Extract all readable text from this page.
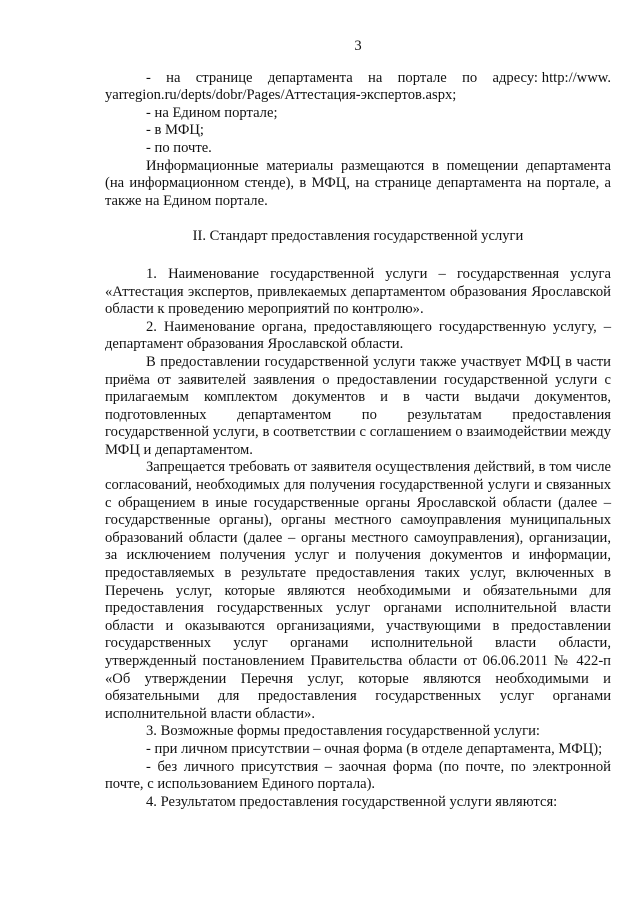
3

-    на    странице    департамента    на    портале    по    адресу: http://www.yarregion.ru/depts/dobr/Pages/Аттестация-экспертов.aspx;

- на Едином портале;

- в МФЦ;

- по почте.

Информационные материалы размещаются в помещении департамента (на информационном стенде), в МФЦ, на странице департамента на портале, а также на Едином портале.

II. Стандарт предоставления государственной услуги

1. Наименование государственной услуги – государственная услуга «Аттестация экспертов, привлекаемых департаментом образования Ярославской области к проведению мероприятий по контролю».

2. Наименование органа, предоставляющего государственную услугу, – департамент образования Ярославской области.

В предоставлении государственной услуги также участвует МФЦ в части приёма от заявителей заявления о предоставлении государственной услуги с прилагаемым комплектом документов и в части выдачи документов, подготовленных департаментом по результатам предоставления государственной услуги, в соответствии с соглашением о взаимодействии между МФЦ и департаментом.

Запрещается требовать от заявителя осуществления действий, в том числе согласований, необходимых для получения государственной услуги и связанных с обращением в иные государственные органы Ярославской области (далее – государственные органы), органы местного самоуправления муниципальных образований области (далее – органы местного самоуправления), организации, за исключением получения услуг и получения документов и информации, предоставляемых в результате предоставления таких услуг, включенных в Перечень услуг, которые являются необходимыми и обязательными для предоставления государственных услуг органами исполнительной власти области и оказываются организациями, участвующими в предоставлении государственных услуг органами исполнительной власти области, утвержденный постановлением Правительства области от 06.06.2011 № 422-п «Об утверждении Перечня услуг, которые являются необходимыми и обязательными для предоставления государственных услуг органами исполнительной власти области».

3. Возможные формы предоставления государственной услуги:

- при личном присутствии – очная форма (в отделе департамента, МФЦ);

- без личного присутствия – заочная форма (по почте, по электронной почте, с использованием Единого портала).

4. Результатом предоставления государственной услуги являются:
